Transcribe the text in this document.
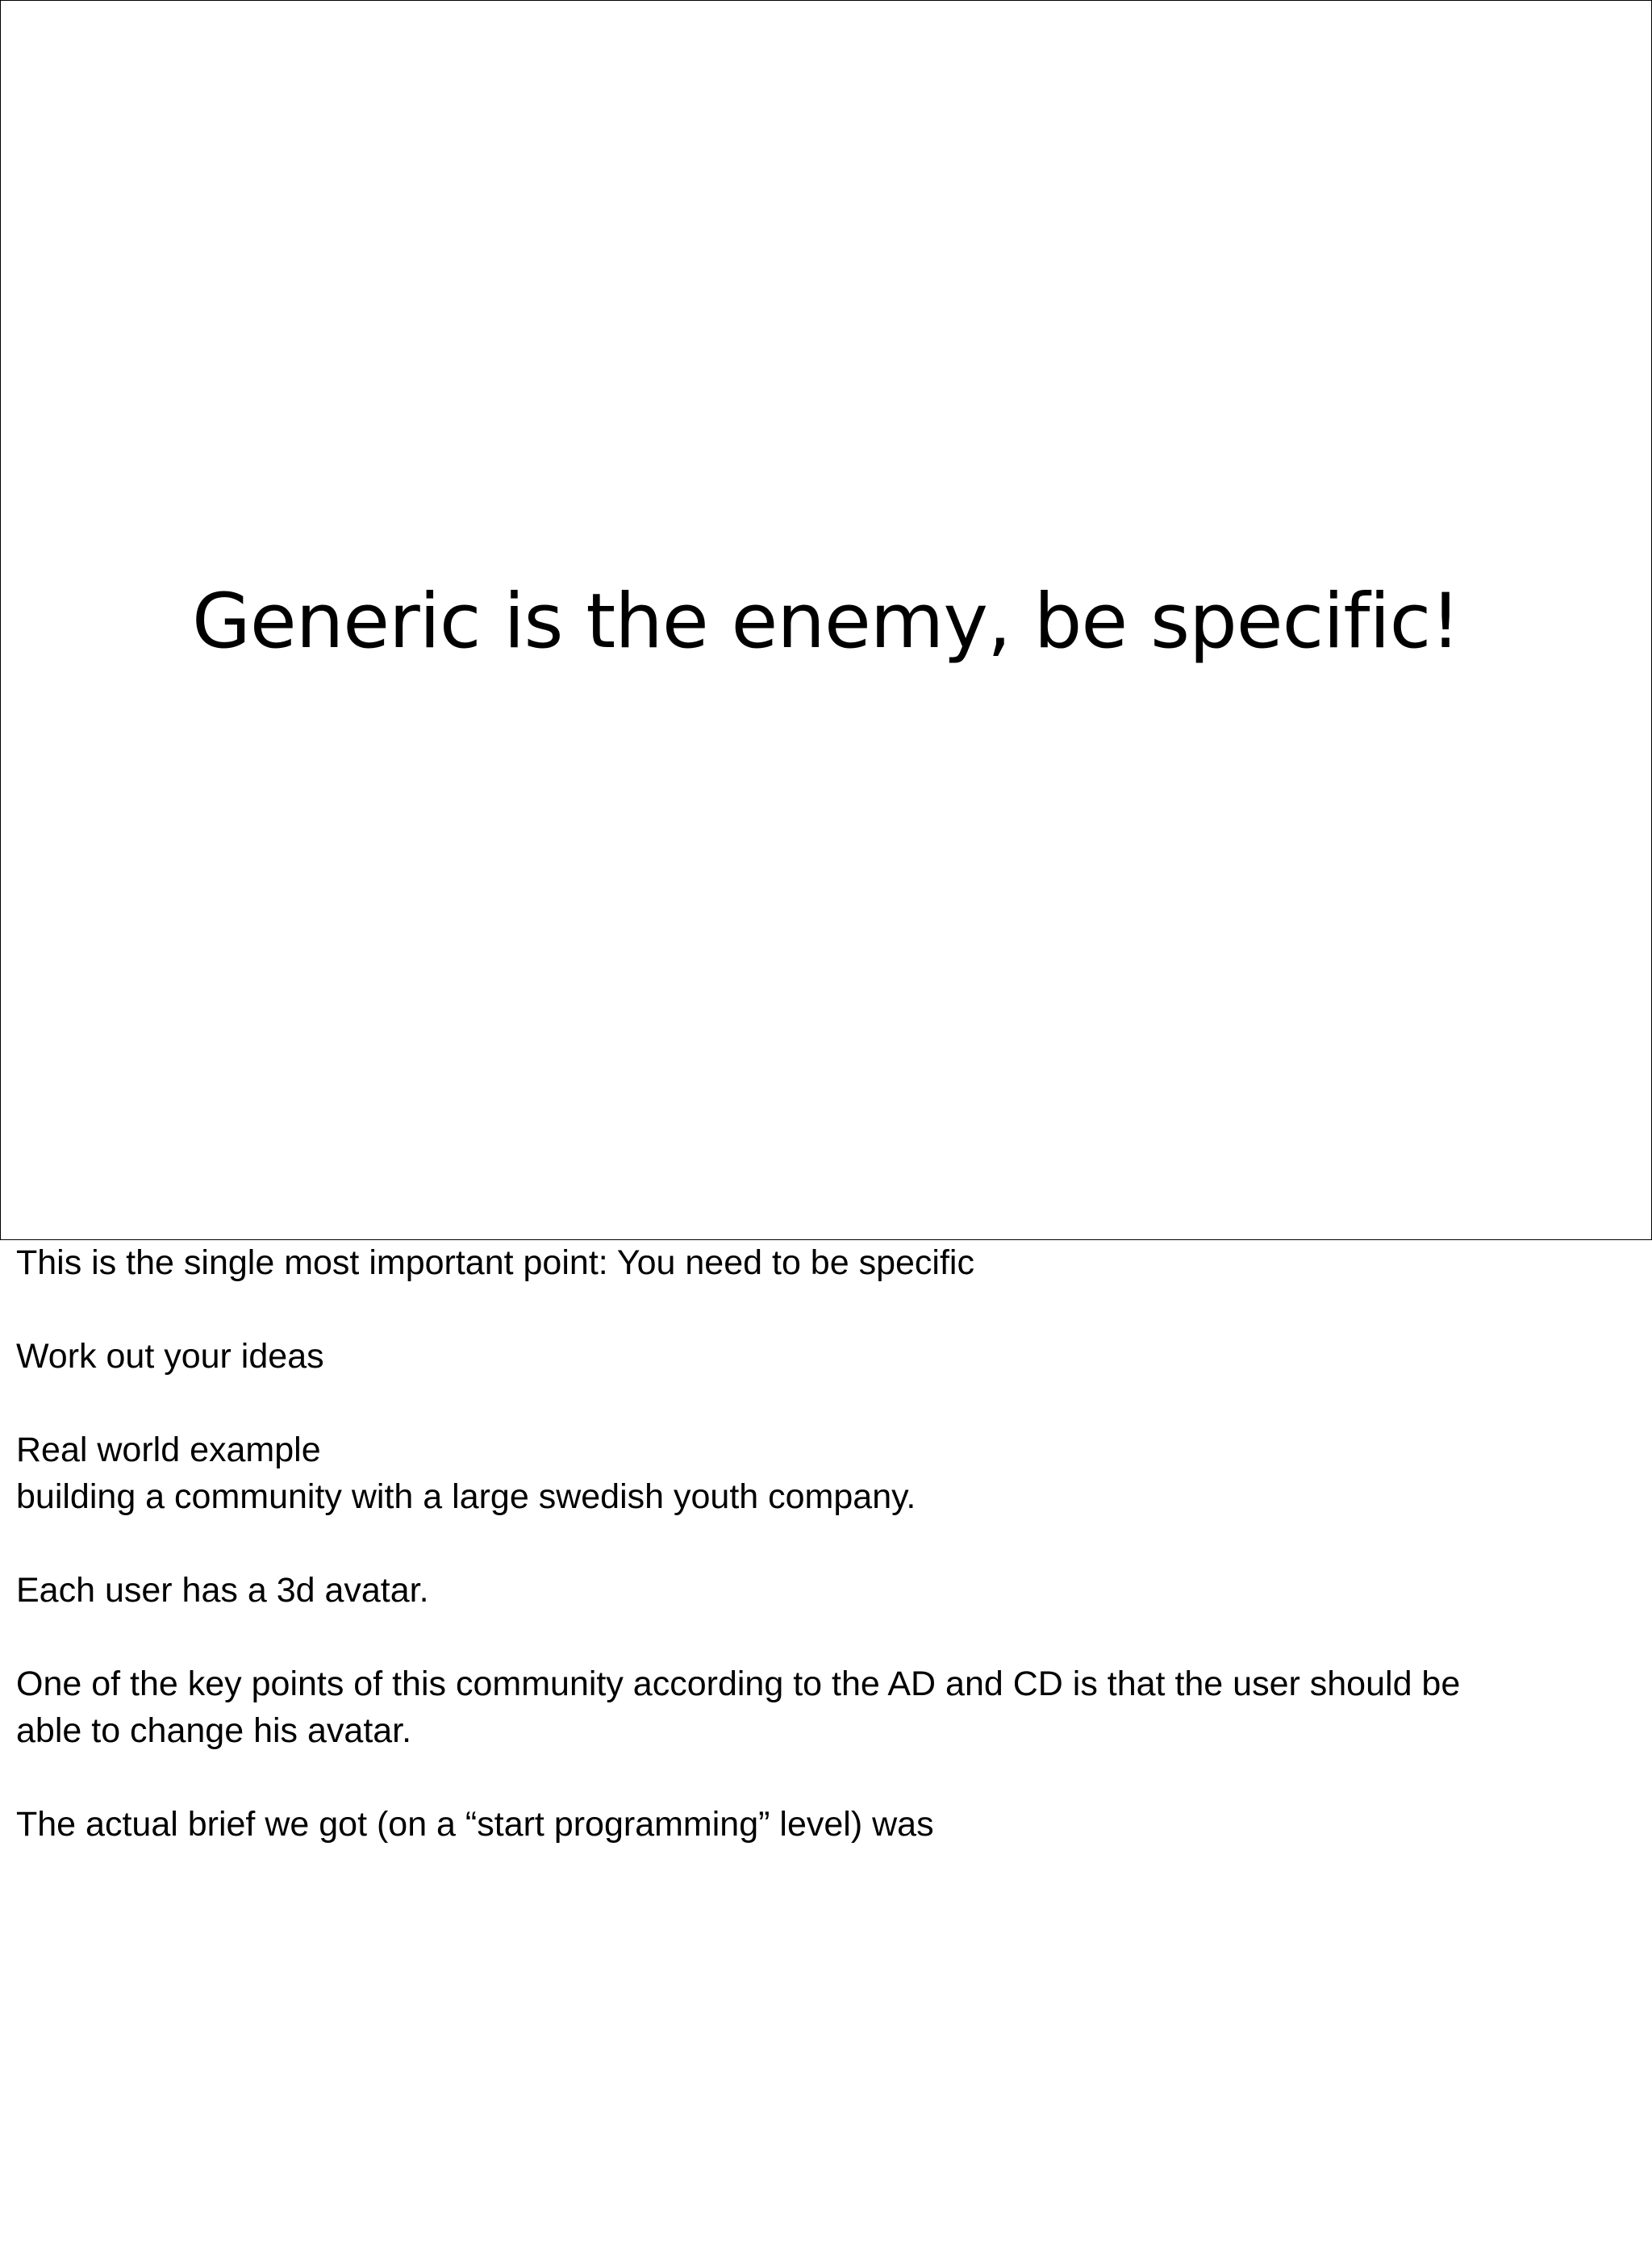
Generic is the enemy, be specific!

This is the single most important point: You need to be specific

Work out your ideas

Real world example
building a community with a large swedish youth company.

Each user has a 3d avatar.

One of the key points of this community according to the AD and CD is that the user should be
able to change his avatar.

The actual brief we got (on a “start programming” level) was
